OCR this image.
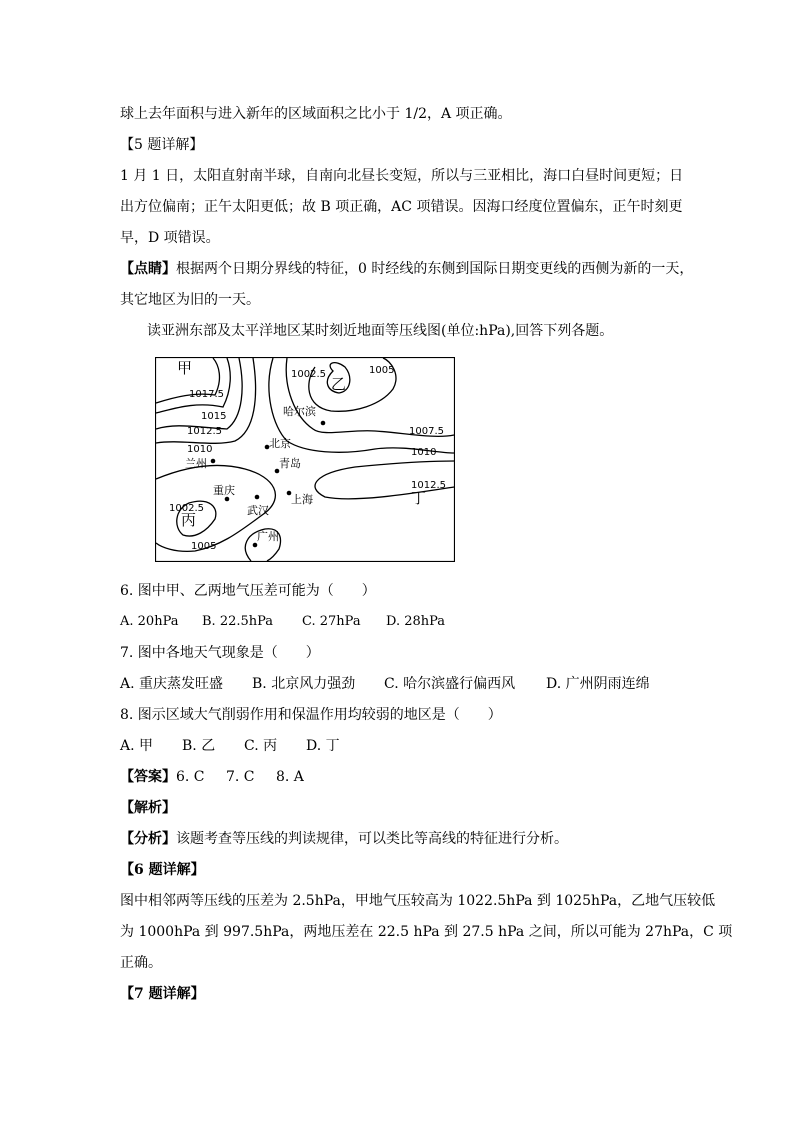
球上去年面积与进入新年的区域面积之比小于 1/2，A 项正确。
【5 题详解】
1 月 1 日，太阳直射南半球，自南向北昼长变短，所以与三亚相比，海口白昼时间更短；日
出方位偏南；正午太阳更低；故 B 项正确，AC 项错误。因海口经度位置偏东，正午时刻更
早，D 项错误。
【点睛】根据两个日期分界线的特征，0 时经线的东侧到国际日期变更线的西侧为新的一天，
其它地区为旧的一天。
读亚洲东部及太平洋地区某时刻近地面等压线图(单位:hPa),回答下列各题。
1017.5
1015
1012.5
1010
1002.5	1005
1007.5
1010
1012.5
1002.5
1005
甲
乙
丙
丁
哈尔滨
北京
兰州	青岛
重庆
上海
武汉
广州
6. 图中甲、乙两地气压差可能为（　　）
A. 20hPa B. 22.5hPa C. 27hPa D. 28hPa
7. 图中各地天气现象是（　　）
A. 重庆蒸发旺盛 B. 北京风力强劲 C. 哈尔滨盛行偏西风 D. 广州阴雨连绵
8. 图示区域大气削弱作用和保温作用均较弱的地区是（　　）
A. 甲 B. 乙 C. 丙 D. 丁
【答案】6. C 7. C 8. A
【解析】
【分析】该题考查等压线的判读规律，可以类比等高线的特征进行分析。
【6 题详解】
图中相邻两等压线的压差为 2.5hPa，甲地气压较高为 1022.5hPa 到 1025hPa，乙地气压较低
为 1000hPa 到 997.5hPa，两地压差在 22.5 hPa 到 27.5 hPa 之间，所以可能为 27hPa，C 项
正确。
【7 题详解】
